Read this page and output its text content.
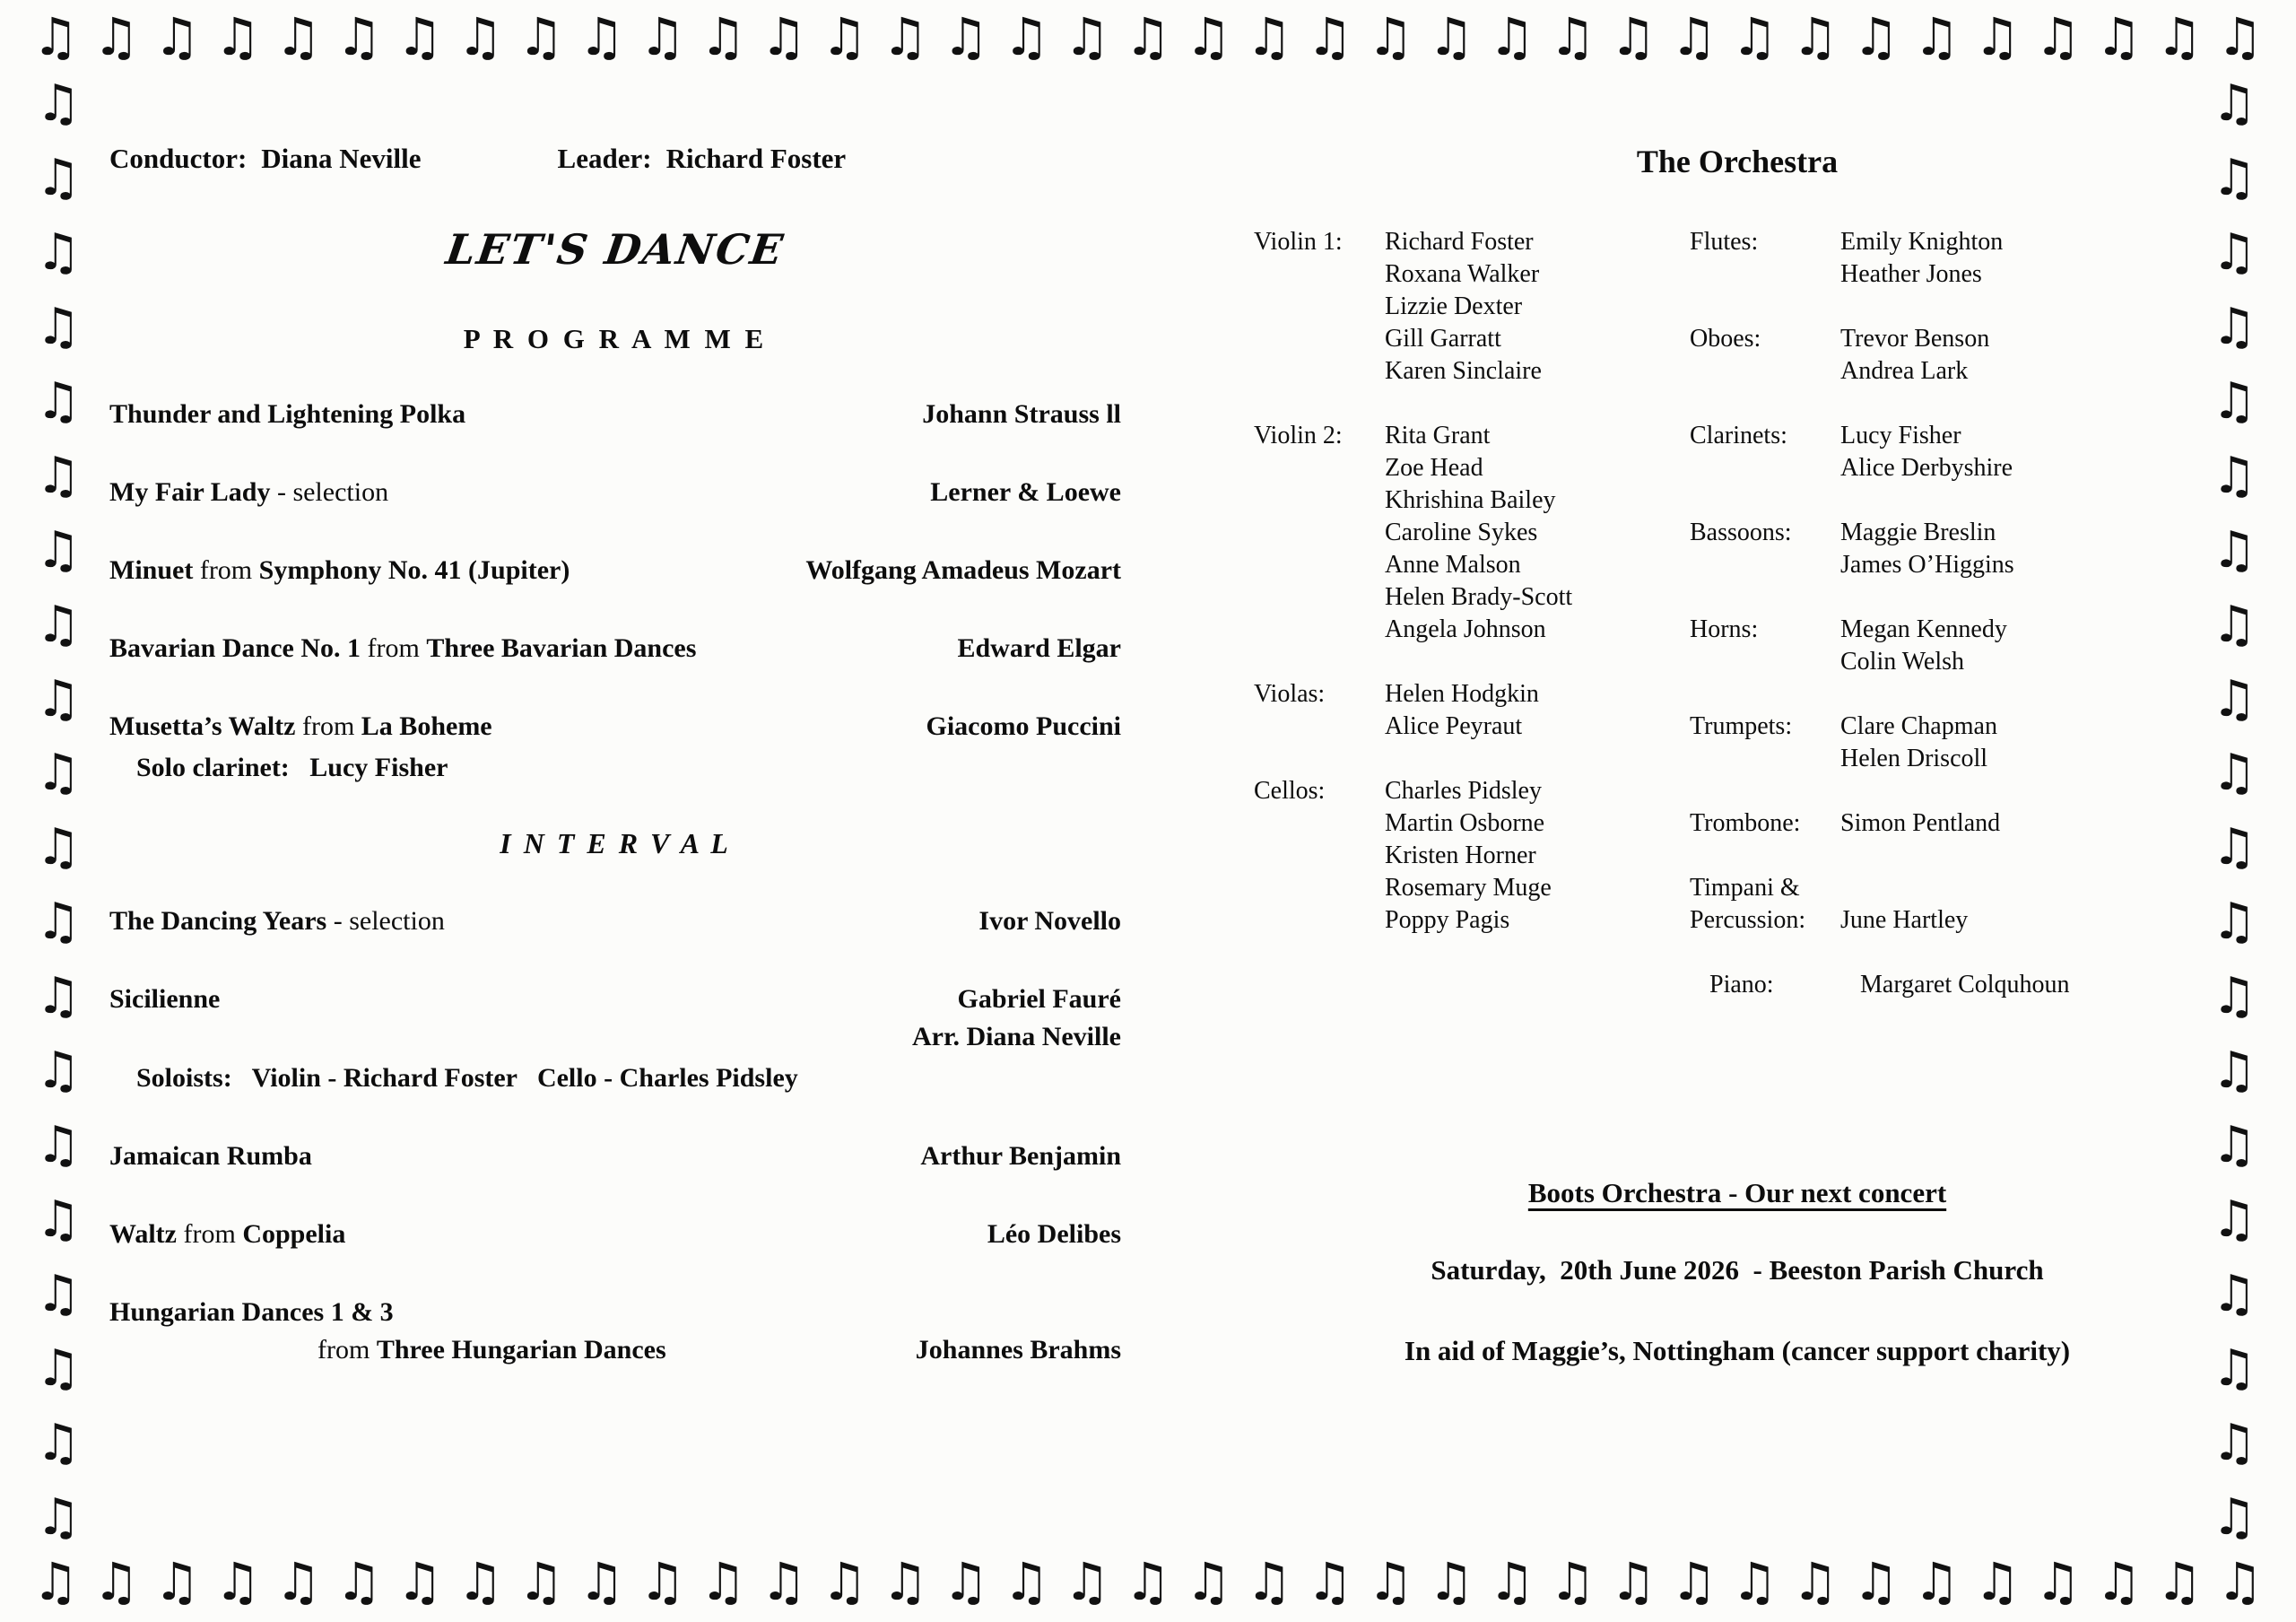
♫ ♫ ♫ ♫ ♫ ♫ ♫ ♫ ♫ ♫ ♫ ♫ ♫ ♫ ♫ ♫ ♫ ♫ ♫ ♫ ♫ ♫ ♫ ♫ ♫ ♫ ♫ ♫ ♫ ♫ ♫ ♫ ♫ ♫ ♫ ♫ ♫
♫ ♫ ♫ ♫ ♫ ♫ ♫ ♫ ♫ ♫ ♫ ♫ ♫ ♫ ♫ ♫ ♫ ♫ ♫ ♫ ♫ ♫ ♫ ♫ ♫ ♫ ♫ ♫ ♫ ♫ ♫ ♫ ♫ ♫ ♫ ♫ ♫
♫
♫
♫
♫
♫
♫
♫
♫
♫
♫
♫
♫
♫
♫
♫
♫
♫
♫
♫
♫
♫
♫
♫
♫
♫
♫
♫
♫
♫
♫
♫
♫
♫
♫
♫
♫
♫
♫
♫
♫
Conductor: Diana Neville	Leader: Richard Foster
LET'S DANCE
P R O G R A M M E
Thunder and Lightening Polka	Johann Strauss ll
My Fair Lady - selection	Lerner & Loewe
Minuet from Symphony No. 41 (Jupiter)	Wolfgang Amadeus Mozart
Bavarian Dance No. 1 from Three Bavarian Dances	Edward Elgar
Musetta’s Waltz from La Boheme	Giacomo Puccini
Solo clarinet:   Lucy Fisher
I N T E R V A L
The Dancing Years - selection	Ivor Novello
Sicilienne	Gabriel Fauré
Arr. Diana Neville
Soloists:   Violin - Richard Foster   Cello - Charles Pidsley
Jamaican Rumba	Arthur Benjamin
Waltz from Coppelia	Léo Delibes
Hungarian Dances 1 & 3
from Three Hungarian Dances	Johannes Brahms
The Orchestra
Violin 1:	Richard Foster
Roxana Walker
Lizzie Dexter
Gill Garratt
Karen Sinclaire
Violin 2:	Rita Grant
Zoe Head
Khrishina Bailey
Caroline Sykes
Anne Malson
Helen Brady-Scott
Angela Johnson
Violas:	Helen Hodgkin
Alice Peyraut
Cellos:	Charles Pidsley
Martin Osborne
Kristen Horner
Rosemary Muge
Poppy Pagis
Flutes:	Emily Knighton
Heather Jones
Oboes:	Trevor Benson
Andrea Lark
Clarinets:	Lucy Fisher
Alice Derbyshire
Bassoons:	Maggie Breslin
James O’Higgins
Horns:	Megan Kennedy
Colin Welsh
Trumpets:	Clare Chapman
Helen Driscoll
Trombone:	Simon Pentland
Timpani &
Percussion:	June Hartley
Piano:	Margaret Colquhoun
Boots Orchestra - Our next concert
Saturday,  20th June 2026  - Beeston Parish Church
In aid of Maggie’s, Nottingham (cancer support charity)
